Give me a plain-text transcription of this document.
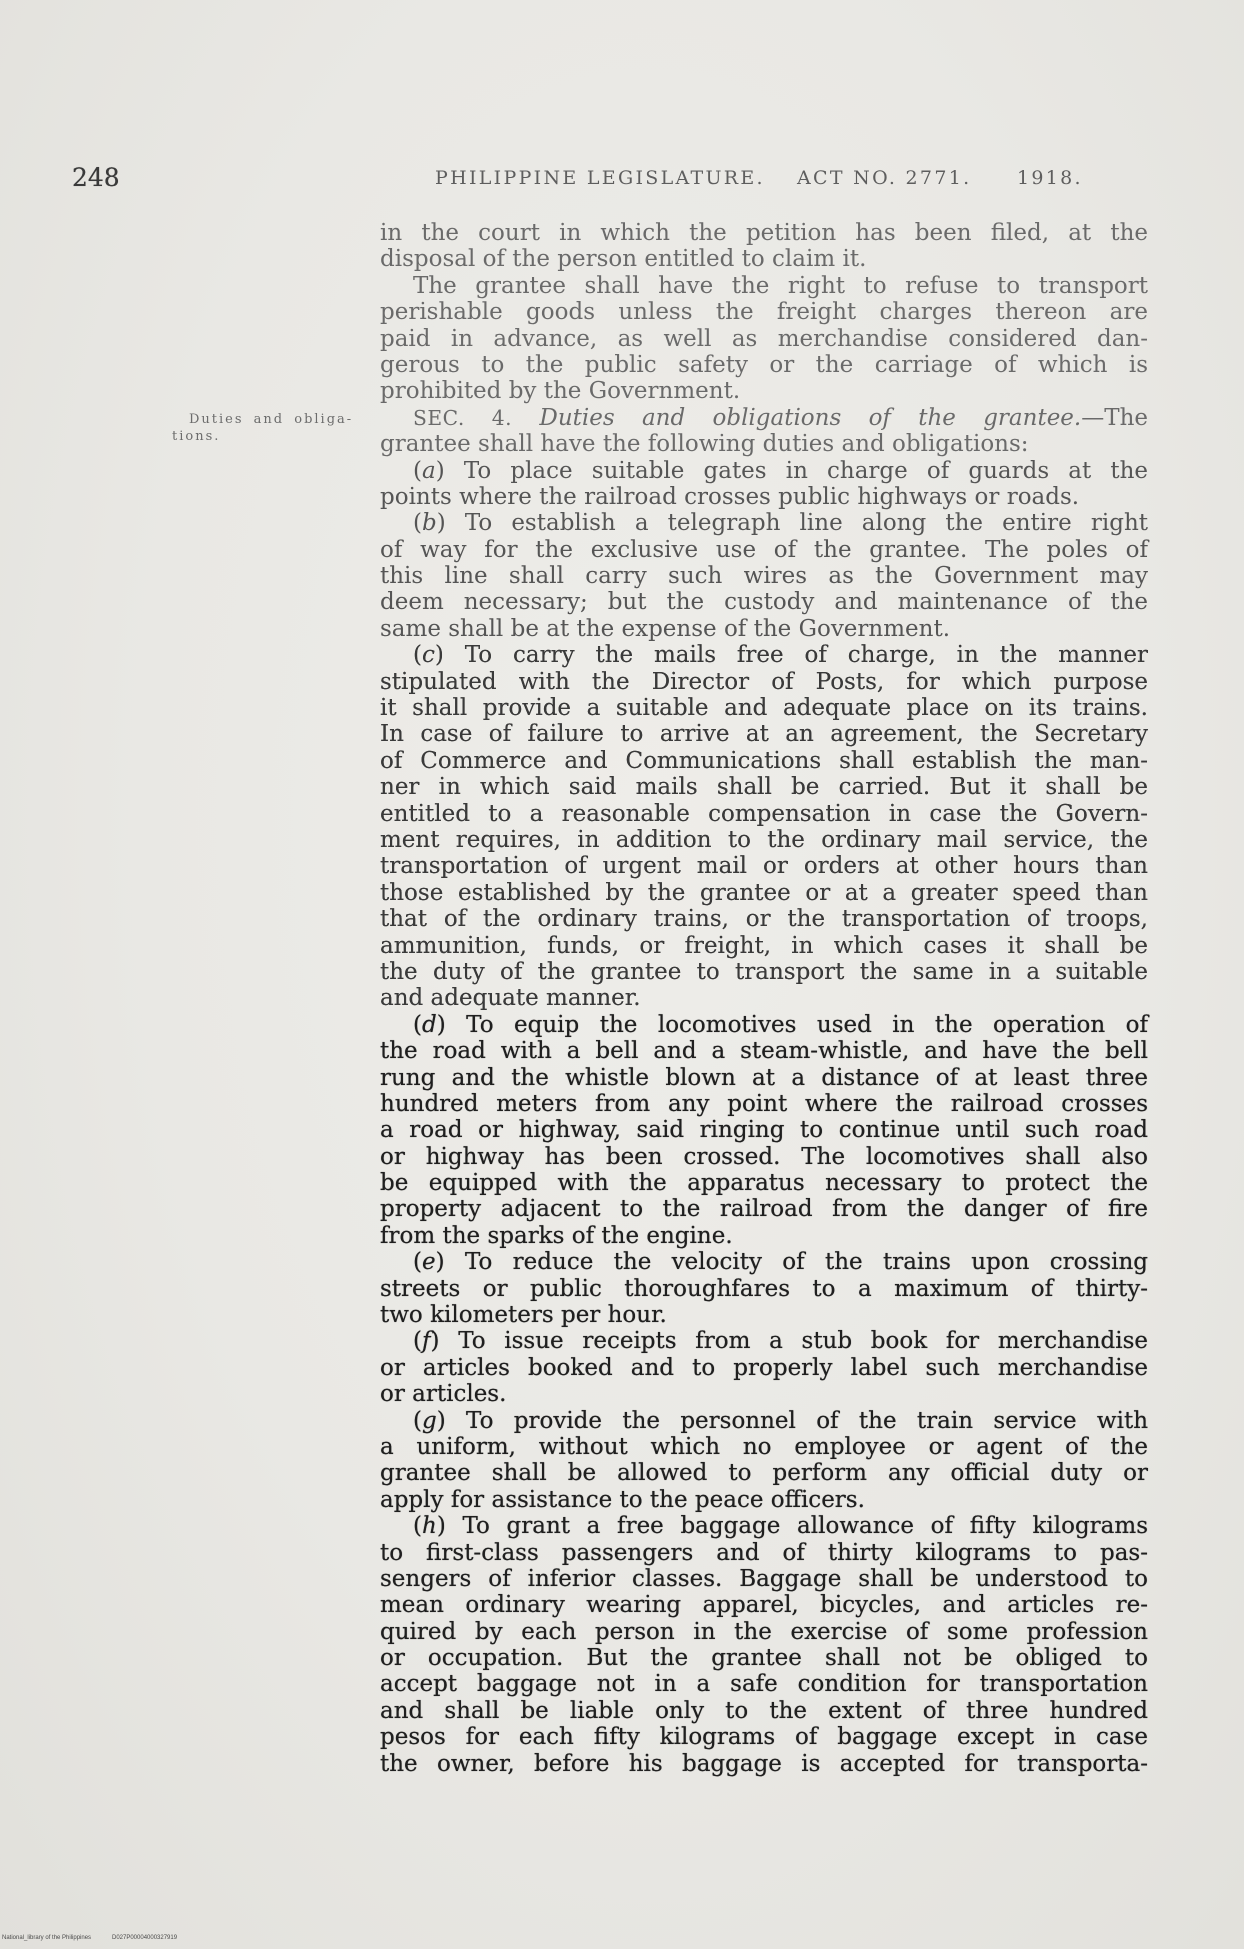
248	PHILIPPINE LEGISLATURE. ACT NO. 2771. 1918.
Duties and obliga-
tions.
in the court in which the petition has been filed, at the
disposal of the person entitled to claim it.
The grantee shall have the right to refuse to transport
perishable goods unless the freight charges thereon are
paid in advance, as well as merchandise considered dan-
gerous to the public safety or the carriage of which is
prohibited by the Government.
SEC. 4. Duties and obligations of the grantee.—The
grantee shall have the following duties and obligations:
(a) To place suitable gates in charge of guards at the
points where the railroad crosses public highways or roads.
(b) To establish a telegraph line along the entire right
of way for the exclusive use of the grantee. The poles of
this line shall carry such wires as the Government may
deem necessary; but the custody and maintenance of the
same shall be at the expense of the Government.
(c) To carry the mails free of charge, in the manner
stipulated with the Director of Posts, for which purpose
it shall provide a suitable and adequate place on its trains.
In case of failure to arrive at an agreement, the Secretary
of Commerce and Communications shall establish the man-
ner in which said mails shall be carried. But it shall be
entitled to a reasonable compensation in case the Govern-
ment requires, in addition to the ordinary mail service, the
transportation of urgent mail or orders at other hours than
those established by the grantee or at a greater speed than
that of the ordinary trains, or the transportation of troops,
ammunition, funds, or freight, in which cases it shall be
the duty of the grantee to transport the same in a suitable
and adequate manner.
(d) To equip the locomotives used in the operation of
the road with a bell and a steam-whistle, and have the bell
rung and the whistle blown at a distance of at least three
hundred meters from any point where the railroad crosses
a road or highway, said ringing to continue until such road
or highway has been crossed. The locomotives shall also
be equipped with the apparatus necessary to protect the
property adjacent to the railroad from the danger of fire
from the sparks of the engine.
(e) To reduce the velocity of the trains upon crossing
streets or public thoroughfares to a maximum of thirty-
two kilometers per hour.
(f) To issue receipts from a stub book for merchandise
or articles booked and to properly label such merchandise
or articles.
(g) To provide the personnel of the train service with
a uniform, without which no employee or agent of the
grantee shall be allowed to perform any official duty or
apply for assistance to the peace officers.
(h) To grant a free baggage allowance of fifty kilograms
to first-class passengers and of thirty kilograms to pas-
sengers of inferior classes. Baggage shall be understood to
mean ordinary wearing apparel, bicycles, and articles re-
quired by each person in the exercise of some profession
or occupation. But the grantee shall not be obliged to
accept baggage not in a safe condition for transportation
and shall be liable only to the extent of three hundred
pesos for each fifty kilograms of baggage except in case
the owner, before his baggage is accepted for transporta-
National_library of the Philippines	D027P00004000327919
